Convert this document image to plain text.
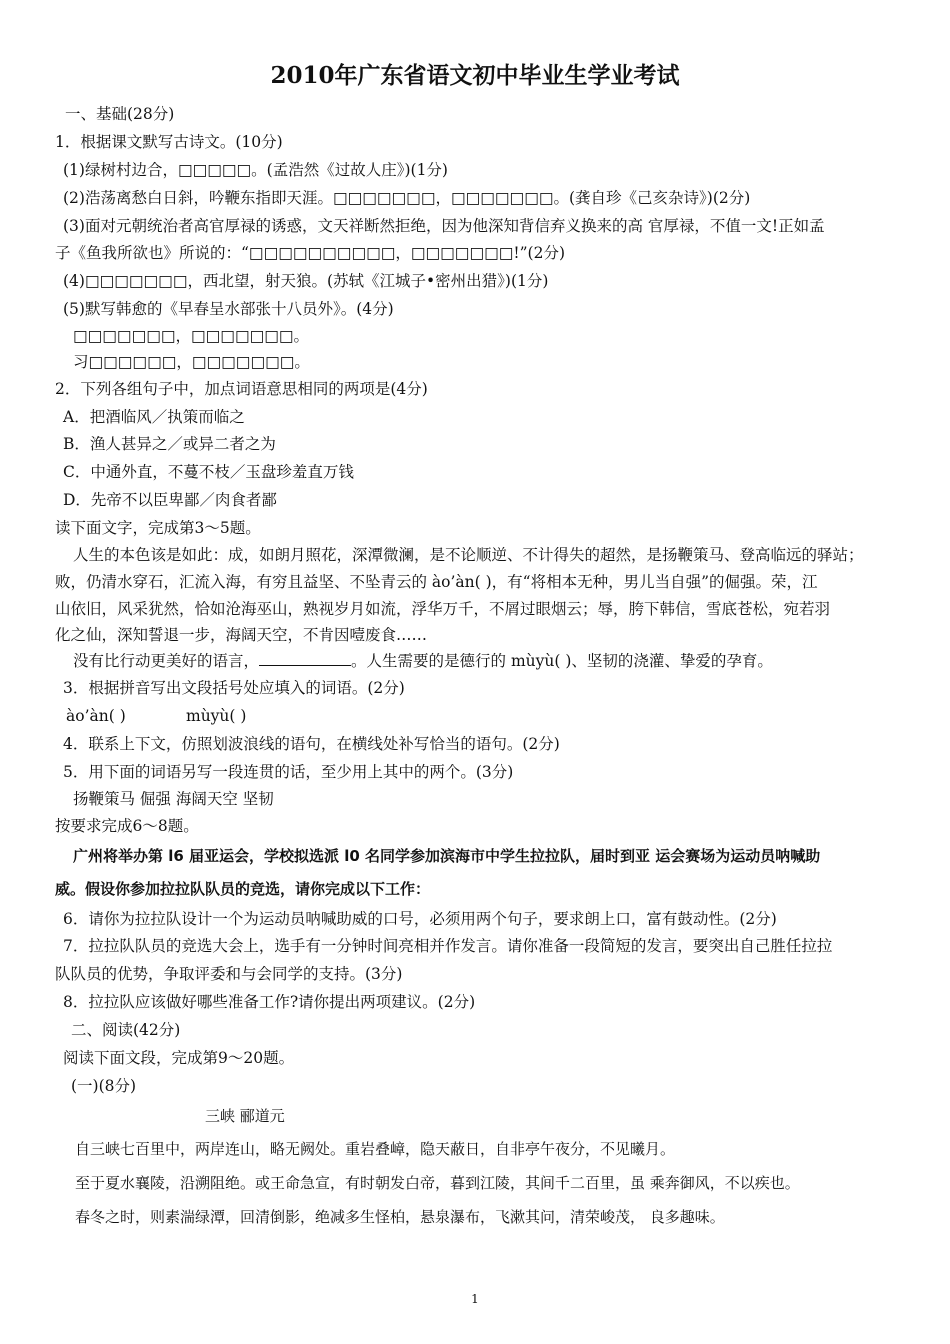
2010年广东省语文初中毕业生学业考试
一、基础(28分)
1．根据课文默写古诗文。(10分)
(1)绿树村边合，□□□□□。(孟浩然《过故人庄》)(1分)
(2)浩荡离愁白日斜，吟鞭东指即天涯。□□□□□□□，□□□□□□□。(龚自珍《己亥杂诗》)(2分)
(3)面对元朝统治者高官厚禄的诱惑，文天祥断然拒绝，因为他深知背信弃义换来的高 官厚禄，不值一文!正如孟
子《鱼我所欲也》所说的：“□□□□□□□□□□，□□□□□□□!”(2分)
(4)□□□□□□□，西北望，射天狼。(苏轼《江城子•密州出猎》)(1分)
(5)默写韩愈的《早春呈水部张十八员外》。(4分)
□□□□□□□，□□□□□□□。
习□□□□□□，□□□□□□□。
2．下列各组句子中，加点词语意思相同的两项是(4分)
A．把酒临风／执策而临之
B．渔人甚异之／或异二者之为
C．中通外直，不蔓不枝／玉盘珍羞直万钱
D．先帝不以臣卑鄙／肉食者鄙
读下面文字，完成第3～5题。
人生的本色该是如此：成，如朗月照花，深潭微澜，是不论顺逆、不计得失的超然，是扬鞭策马、登高临远的驿站；
败，仍清水穿石，汇流入海，有穷且益坚、不坠青云的 ào’àn( )，有“将相本无种，男儿当自强”的倔强。荣，江
山依旧，风采犹然，恰如沧海巫山，熟视岁月如流，浮华万千，不屑过眼烟云；辱，胯下韩信，雪底苍松，宛若羽
化之仙，深知誓退一步，海阔天空，不肯因噎废食……
没有比行动更美好的语言，	。人生需要的是德行的 mùyù( )、坚韧的浇灌、挚爱的孕育。
3．根据拼音写出文段括号处应填入的词语。(2分)
ào’àn( )	mùyù( )
4．联系上下文，仿照划波浪线的语句，在横线处补写恰当的语句。(2分)
5．用下面的词语另写一段连贯的话，至少用上其中的两个。(3分)
扬鞭策马 倔强 海阔天空 坚韧
按要求完成6～8题。
广州将举办第 l6 届亚运会，学校拟选派 l0 名同学参加滨海市中学生拉拉队，届时到亚 运会赛场为运动员呐喊助
威。假设你参加拉拉队队员的竞选，请你完成以下工作：
6．请你为拉拉队设计一个为运动员呐喊助威的口号，必须用两个句子，要求朗上口，富有鼓动性。(2分)
7．拉拉队队员的竞选大会上，选手有一分钟时间亮相并作发言。请你准备一段简短的发言，要突出自己胜任拉拉
队队员的优势，争取评委和与会同学的支持。(3分)
8．拉拉队应该做好哪些准备工作?请你提出两项建议。(2分)
二、阅读(42分)
阅读下面文段，完成第9～20题。
(一)(8分)
三峡 郦道元
自三峡七百里中，两岸连山，略无阙处。重岩叠嶂，隐天蔽日，自非亭午夜分，不见曦月。
至于夏水襄陵，沿溯阻绝。或王命急宣，有时朝发白帝，暮到江陵，其间千二百里，虽 乘奔御风，不以疾也。
春冬之时，则素湍绿潭，回清倒影，绝减多生怪柏，悬泉瀑布，飞漱其问，清荣峻茂， 良多趣味。
1
